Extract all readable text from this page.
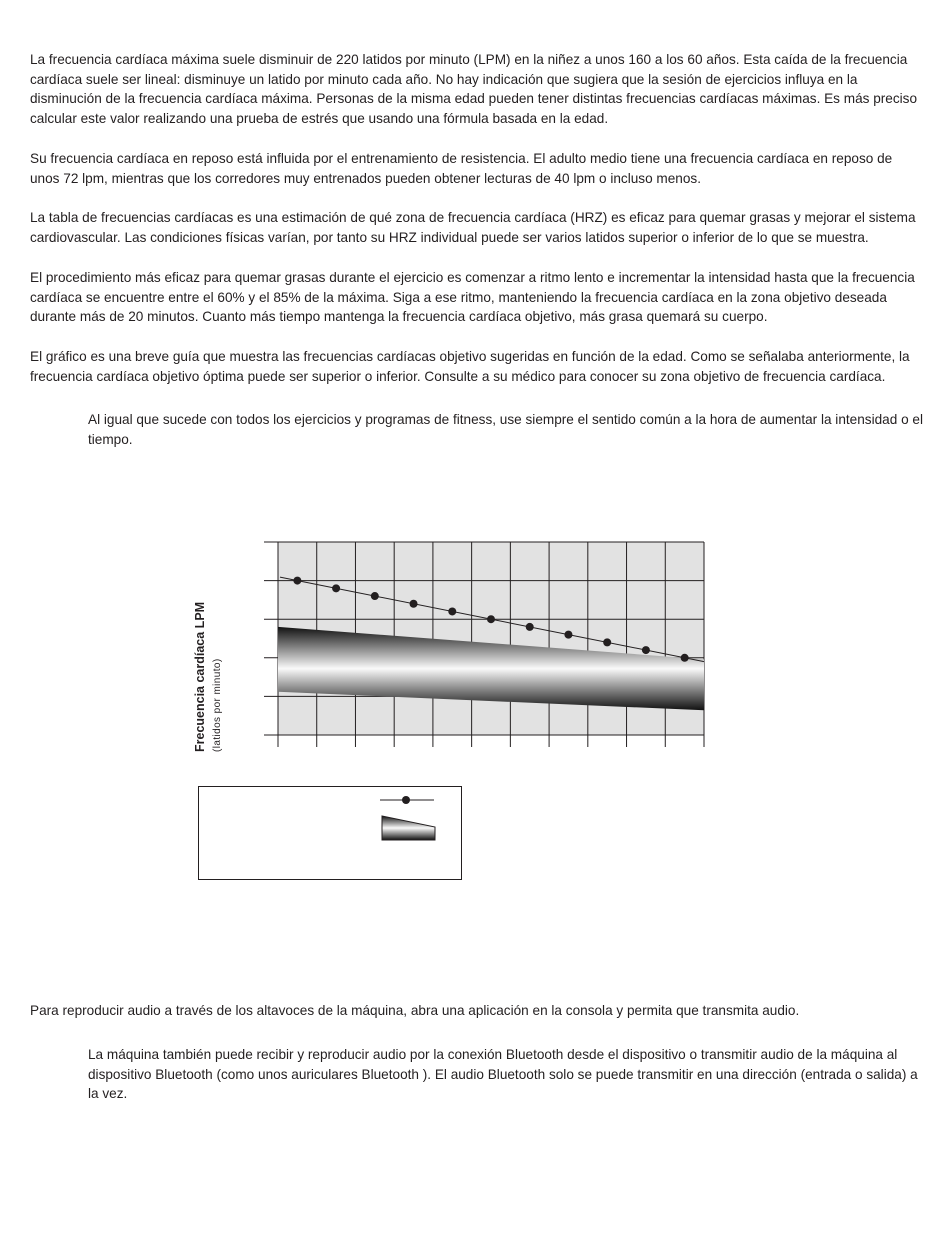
La frecuencia cardíaca máxima suele disminuir de 220 latidos por minuto (LPM) en la niñez a unos 160 a los 60 años. Esta caída de la frecuencia cardíaca suele ser lineal: disminuye un latido por minuto cada año. No hay indicación que sugiera que la sesión de ejercicios influya en la disminución de la frecuencia cardíaca máxima. Personas de la misma edad pueden tener distintas frecuencias cardíacas máximas. Es más preciso calcular este valor realizando una prueba de estrés que usando una fórmula basada en la edad.

Su frecuencia cardíaca en reposo está influida por el entrenamiento de resistencia. El adulto medio tiene una frecuencia cardíaca en reposo de unos 72 lpm, mientras que los corredores muy entrenados pueden obtener lecturas de 40 lpm o incluso menos.

La tabla de frecuencias cardíacas es una estimación de qué zona de frecuencia cardíaca (HRZ) es eficaz para quemar grasas y mejorar el sistema cardiovascular. Las condiciones físicas varían, por tanto su HRZ individual puede ser varios latidos superior o inferior de lo que se muestra.

El procedimiento más eficaz para quemar grasas durante el ejercicio es comenzar a ritmo lento e incrementar la intensidad hasta que la frecuencia cardíaca se encuentre entre el 60% y el 85% de la máxima. Siga a ese ritmo, manteniendo la frecuencia cardíaca en la zona objetivo deseada durante más de 20 minutos. Cuanto más tiempo mantenga la frecuencia cardíaca objetivo, más grasa quemará su cuerpo.

El gráfico es una breve guía que muestra las frecuencias cardíacas objetivo sugeridas en función de la edad. Como se señalaba anteriormente, la frecuencia cardíaca objetivo óptima puede ser superior o inferior. Consulte a su médico para conocer su zona objetivo de frecuencia cardíaca.

Al igual que sucede con todos los ejercicios y programas de fitness, use siempre el sentido común a la hora de aumentar la intensidad o el tiempo.

Frecuencia cardíaca LPM (latidos por minuto)

Para reproducir audio a través de los altavoces de la máquina, abra una aplicación en la consola y permita que transmita audio.

La máquina también puede recibir y reproducir audio por la conexión Bluetooth desde el dispositivo o transmitir audio de la máquina al dispositivo Bluetooth (como unos auriculares Bluetooth ). El audio Bluetooth solo se puede transmitir en una dirección (entrada o salida) a la vez.
